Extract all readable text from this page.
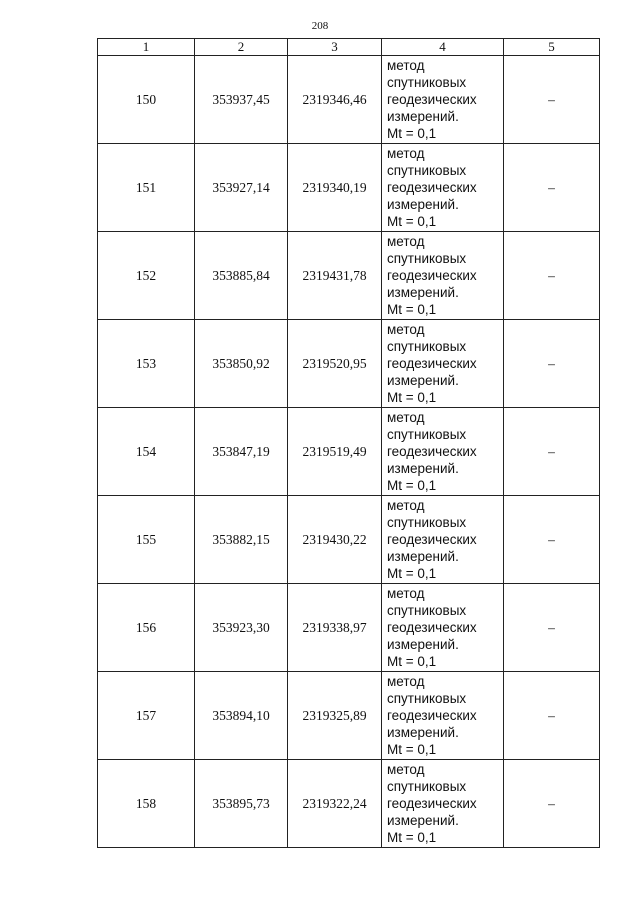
208
1	2	3	4	5
150	353937,45	2319346,46	метод
спутниковых
геодезических
измерений.
Mt = 0,1	–
151	353927,14	2319340,19	метод
спутниковых
геодезических
измерений.
Mt = 0,1	–
152	353885,84	2319431,78	метод
спутниковых
геодезических
измерений.
Mt = 0,1	–
153	353850,92	2319520,95	метод
спутниковых
геодезических
измерений.
Mt = 0,1	–
154	353847,19	2319519,49	метод
спутниковых
геодезических
измерений.
Mt = 0,1	–
155	353882,15	2319430,22	метод
спутниковых
геодезических
измерений.
Mt = 0,1	–
156	353923,30	2319338,97	метод
спутниковых
геодезических
измерений.
Mt = 0,1	–
157	353894,10	2319325,89	метод
спутниковых
геодезических
измерений.
Mt = 0,1	–
158	353895,73	2319322,24	метод
спутниковых
геодезических
измерений.
Mt = 0,1	–
